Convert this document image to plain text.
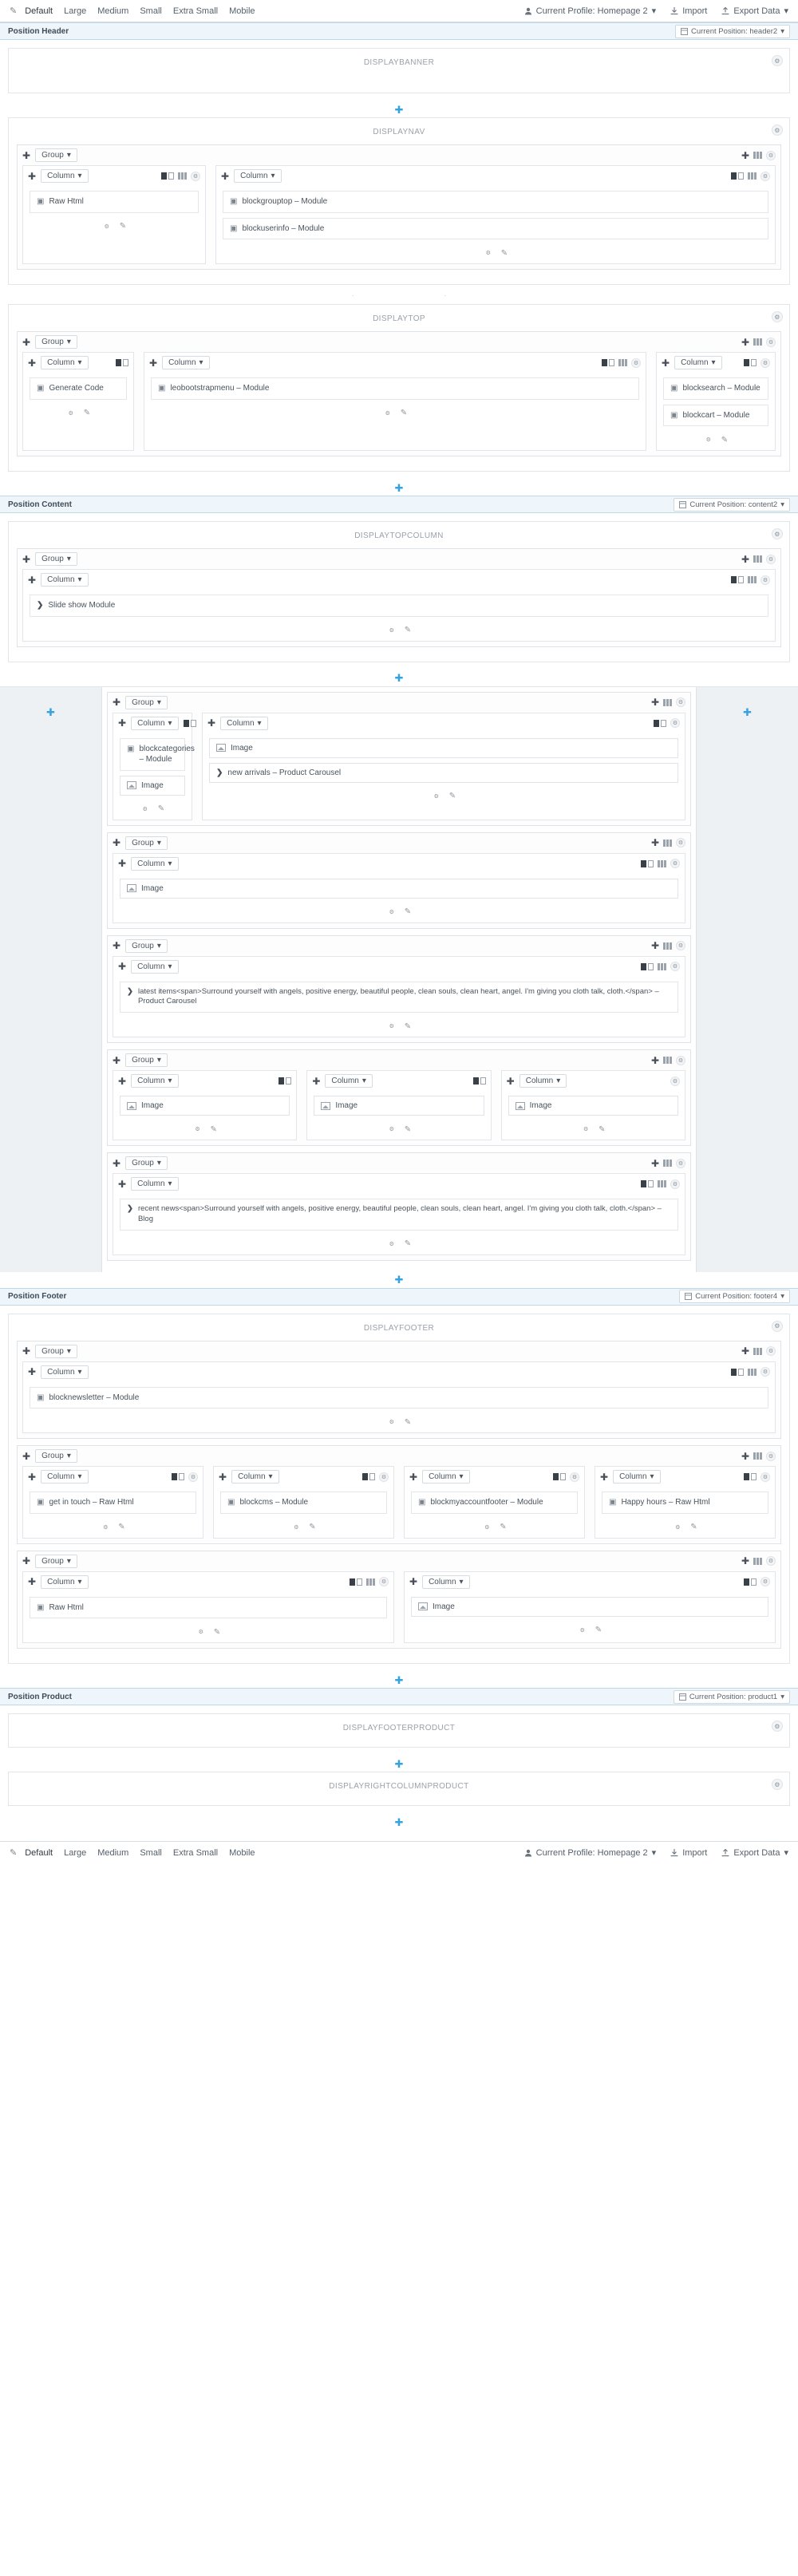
✎ Default Large Medium Small Extra Small Mobile	Current Profile: Homepage 2 ▾	Import	Export Data ▾
Position Header	Current Position: header2 ▾
DISPLAYBANNER	⚙
✚
DISPLAYNAV	⚙
✚ Group ▾	✚	⚙
✚ Column ▾	⚙
▣ Raw Html
⚙ ✎
✚ Column ▾	⚙
▣ blockgrouptop – Module
▣ blockuserinfo – Module
⚙ ✎
·                                             ·
DISPLAYTOP	⚙
✚ Group ▾	✚	⚙
✚ Column ▾
▣ Generate Code
⚙ ✎
✚ Column ▾	⚙
▣ leobootstrapmenu – Module
⚙ ✎
✚ Column ▾	⚙
▣ blocksearch – Module
▣ blockcart – Module
⚙ ✎
✚
Position Content	Current Position: content2 ▾
DISPLAYTOPCOLUMN	⚙
✚ Group ▾	✚	⚙
✚ Column ▾	⚙
❯ Slide show Module
⚙ ✎
✚
✚
✚ Group ▾	✚	⚙
✚ Column ▾
▣ blockcategories – Module
Image
⚙ ✎
✚ Column ▾	⚙
Image
❯ new arrivals – Product Carousel
⚙ ✎
✚ Group ▾	✚	⚙
✚ Column ▾	⚙
Image
⚙ ✎
✚ Group ▾	✚	⚙
✚ Column ▾	⚙
❯ latest items<span>Surround yourself with angels, positive energy, beautiful people, clean souls, clean heart, angel. I'm giving you cloth talk, cloth.</span> – Product Carousel
⚙ ✎
✚ Group ▾	✚	⚙
✚ Column ▾
Image
⚙ ✎
✚ Column ▾
Image
⚙ ✎
✚ Column ▾	⚙
Image
⚙ ✎
✚ Group ▾	✚	⚙
✚ Column ▾	⚙
❯ recent news<span>Surround yourself with angels, positive energy, beautiful people, clean souls, clean heart, angel. I'm giving you cloth talk, cloth.</span> – Blog
⚙ ✎
✚
✚
Position Footer	Current Position: footer4 ▾
DISPLAYFOOTER	⚙
✚ Group ▾	✚	⚙
✚ Column ▾	⚙
▣ blocknewsletter – Module
⚙ ✎
✚ Group ▾	✚	⚙
✚ Column ▾	⚙
▣ get in touch – Raw Html
⚙ ✎
✚ Column ▾	⚙
▣ blockcms – Module
⚙ ✎
✚ Column ▾	⚙
▣ blockmyaccountfooter – Module
⚙ ✎
✚ Column ▾	⚙
▣ Happy hours – Raw Html
⚙ ✎
✚ Group ▾	✚	⚙
✚ Column ▾	⚙
▣ Raw Html
⚙ ✎
✚ Column ▾	⚙
Image
⚙ ✎
✚
Position Product	Current Position: product1 ▾
DISPLAYFOOTERPRODUCT	⚙
✚
DISPLAYRIGHTCOLUMNPRODUCT	⚙
✚
✎ Default Large Medium Small Extra Small Mobile	Current Profile: Homepage 2 ▾	Import	Export Data ▾
